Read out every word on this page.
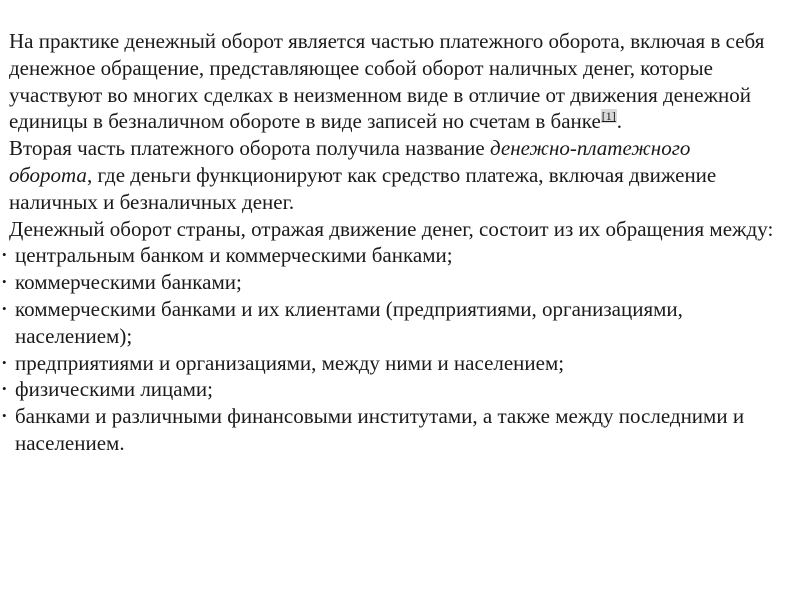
На практике денежный оборот является частью платежного оборота, включая в себя денежное обращение, представляющее собой оборот наличных денег, которые участвуют во многих сделках в неизменном виде в отличие от движения денежной единицы в безналичном обороте в виде записей но счетам в банке[1].

Вторая часть платежного оборота получила название денежно-платежного оборота, где деньги функционируют как средство платежа, включая движение наличных и безналичных денег.

Денежный оборот страны, отражая движение денег, состоит из их обращения между:

• центральным банком и коммерческими банками;
• коммерческими банками;
• коммерческими банками и их клиентами (предприятиями, организациями, населением);
• предприятиями и организациями, между ними и населением;
• физическими лицами;
• банками и различными финансовыми институтами, а также между последними и населением.
